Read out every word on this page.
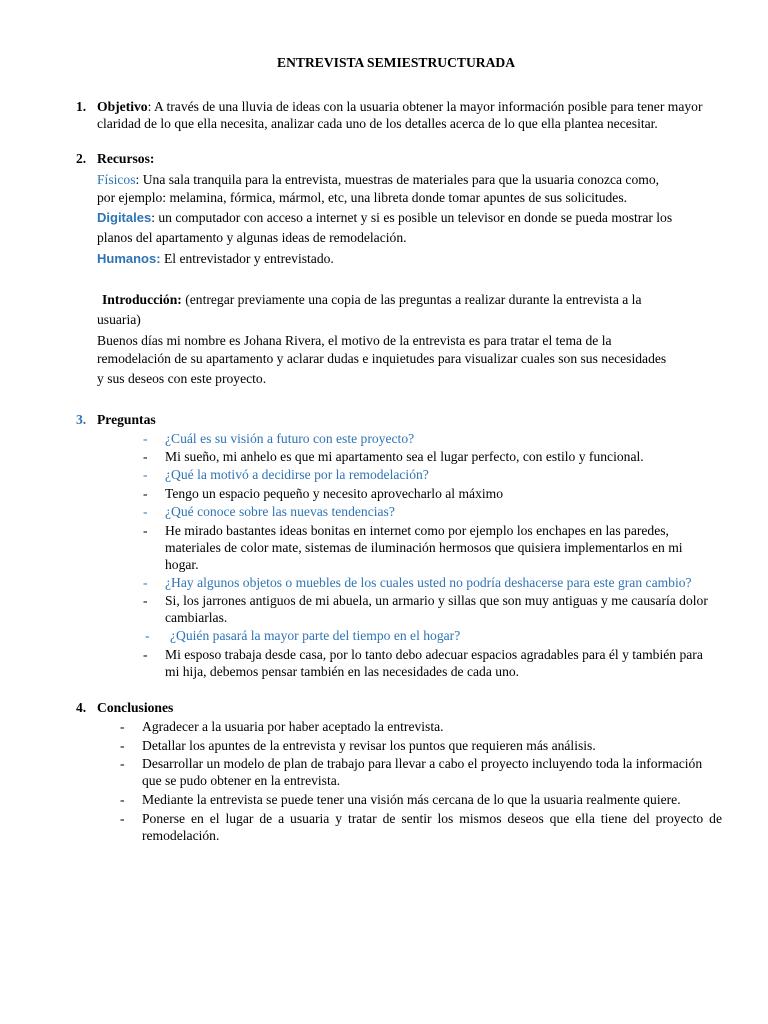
ENTREVISTA SEMIESTRUCTURADA
1. Objetivo: A través de una lluvia de ideas con la usuaria obtener la mayor información posible para tener mayor
claridad de lo que ella necesita, analizar cada uno de los detalles acerca de lo que ella plantea necesitar.
2. Recursos:
Físicos: Una sala tranquila para la entrevista, muestras de materiales para que la usuaria conozca como,
por ejemplo: melamina, fórmica, mármol, etc, una libreta donde tomar apuntes de sus solicitudes.
Digitales: un computador con acceso a internet y si es posible un televisor en donde se pueda mostrar los
planos del apartamento y algunas ideas de remodelación.
Humanos: El entrevistador y entrevistado.
Introducción: (entregar previamente una copia de las preguntas a realizar durante la entrevista a la
usuaria)
Buenos días mi nombre es Johana Rivera, el motivo de la entrevista es para tratar el tema de la
remodelación de su apartamento y aclarar dudas e inquietudes para visualizar cuales son sus necesidades
y sus deseos con este proyecto.
3. Preguntas
- ¿Cuál es su visión a futuro con este proyecto?
- Mi sueño, mi anhelo es que mi apartamento sea el lugar perfecto, con estilo y funcional.
- ¿Qué la motivó a decidirse por la remodelación?
- Tengo un espacio pequeño y necesito aprovecharlo al máximo
- ¿Qué conoce sobre las nuevas tendencias?
- He mirado bastantes ideas bonitas en internet como por ejemplo los enchapes en las paredes,
materiales de color mate, sistemas de iluminación hermosos que quisiera implementarlos en mi
hogar.
- ¿Hay algunos objetos o muebles de los cuales usted no podría deshacerse para este gran cambio?
- Si, los jarrones antiguos de mi abuela, un armario y sillas que son muy antiguas y me causaría dolor
cambiarlas.
- ¿Quién pasará la mayor parte del tiempo en el hogar?
- Mi esposo trabaja desde casa, por lo tanto debo adecuar espacios agradables para él y también para
mi hija, debemos pensar también en las necesidades de cada uno.
4. Conclusiones
- Agradecer a la usuaria por haber aceptado la entrevista.
- Detallar los apuntes de la entrevista y revisar los puntos que requieren más análisis.
- Desarrollar un modelo de plan de trabajo para llevar a cabo el proyecto incluyendo toda la información
que se pudo obtener en la entrevista.
- Mediante la entrevista se puede tener una visión más cercana de lo que la usuaria realmente quiere.
- Ponerse en el lugar de a usuaria y tratar de sentir los mismos deseos que ella tiene del proyecto de
remodelación.
